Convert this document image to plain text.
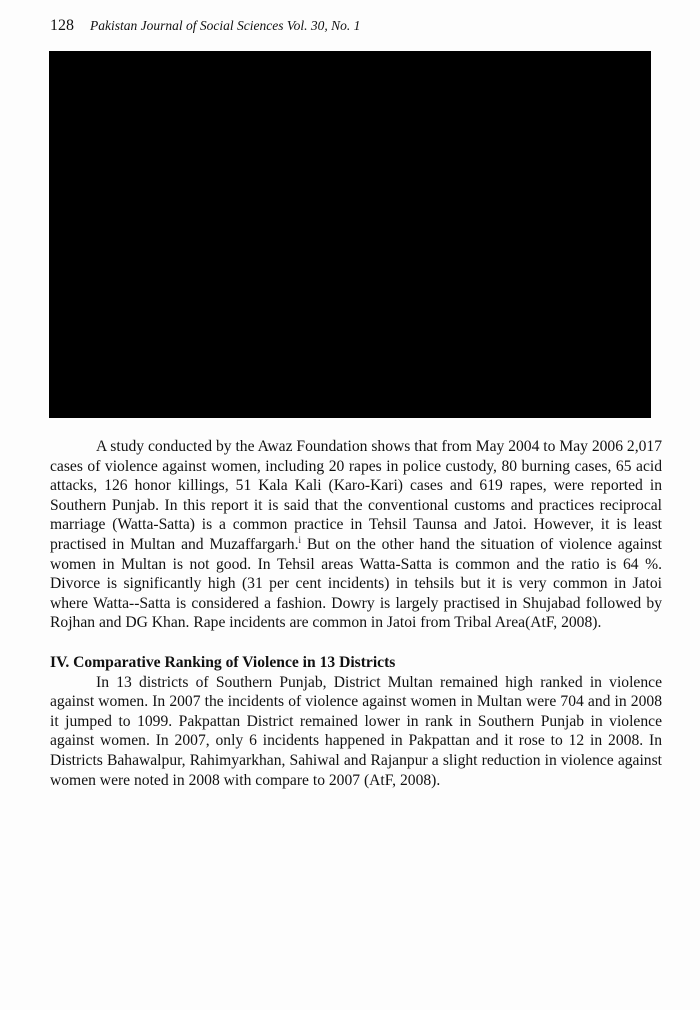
128 Pakistan Journal of Social Sciences Vol. 30, No. 1

A study conducted by the Awaz Foundation shows that from May 2004 to May 2006 2,017 cases of violence against women, including 20 rapes in police custody, 80 burning cases, 65 acid attacks, 126 honor killings, 51 Kala Kali (Karo-Kari) cases and 619 rapes, were reported in Southern Punjab. In this report it is said that the conventional customs and practices reciprocal marriage (Watta-Satta) is a common practice in Tehsil Taunsa and Jatoi. However, it is least practised in Multan and Muzaffargarh.$^i$ But on the other hand the situation of violence against women in Multan is not good. In Tehsil areas Watta-Satta is common and the ratio is 64 %. Divorce is significantly high (31 per cent incidents) in tehsils but it is very common in Jatoi where Watta--Satta is considered a fashion. Dowry is largely practised in Shujabad followed by Rojhan and DG Khan. Rape incidents are common in Jatoi from Tribal Area(AtF, 2008).

IV. Comparative Ranking of Violence in 13 Districts

In 13 districts of Southern Punjab, District Multan remained high ranked in violence against women. In 2007 the incidents of violence against women in Multan were 704 and in 2008 it jumped to 1099. Pakpattan District remained lower in rank in Southern Punjab in violence against women. In 2007, only 6 incidents happened in Pakpattan and it rose to 12 in 2008. In Districts Bahawalpur, Rahimyarkhan, Sahiwal and Rajanpur a slight reduction in violence against women were noted in 2008 with compare to 2007 (AtF, 2008).
